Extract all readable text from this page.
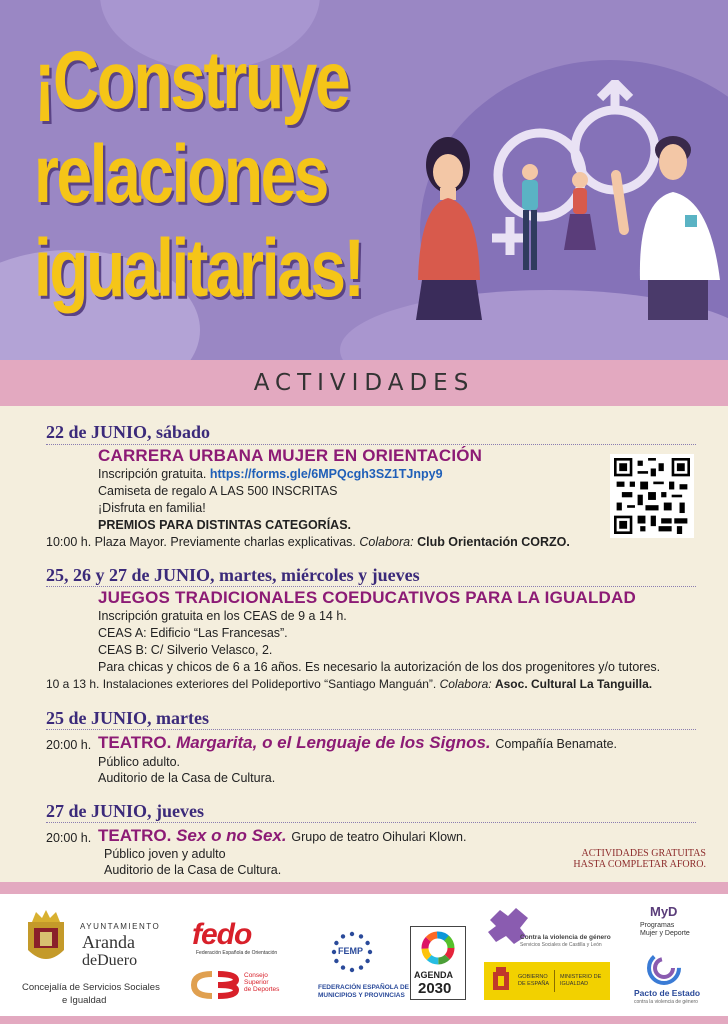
¡Construye
relaciones
igualitarias!
ACTIVIDADES
22 de JUNIO, sábado
CARRERA URBANA MUJER EN ORIENTACIÓN
Inscripción gratuita. https://forms.gle/6MPQcgh3SZ1TJnpy9
Camiseta de regalo A LAS 500 INSCRITAS
¡Disfruta en familia!
PREMIOS PARA DISTINTAS CATEGORÍAS.
10:00 h. Plaza Mayor. Previamente charlas explicativas. Colabora: Club Orientación CORZO.
25, 26 y 27 de JUNIO, martes, miércoles y jueves
JUEGOS TRADICIONALES COEDUCATIVOS PARA LA IGUALDAD
Inscripción gratuita en los CEAS de 9 a 14 h.
CEAS A: Edificio “Las Francesas”.
CEAS B: C/ Silverio Velasco, 2.
Para chicas y chicos de 6 a 16 años. Es necesario la autorización de los dos progenitores y/o tutores.
10 a 13 h. Instalaciones exteriores del Polideportivo “Santiago Manguán”. Colabora: Asoc. Cultural La Tanguilla.
25 de JUNIO, martes
20:00 h. TEATRO. Margarita, o el Lenguaje de los Signos. Compañía Benamate.
Público adulto.
Auditorio de la Casa de Cultura.
27 de JUNIO, jueves
20:00 h. TEATRO. Sex o no Sex. Grupo de teatro Oihulari Klown.
Público joven y adulto
Auditorio de la Casa de Cultura.
ACTIVIDADES GRATUITAS
HASTA COMPLETAR AFORO.
AYUNTAMIENTO
Aranda
deDuero
Concejalía de Servicios Sociales
e Igualdad
fedo
Federación Española de Orientación
Consejo
Superior
de Deportes
FEMP
FEDERACIÓN ESPAÑOLA DE
MUNICIPIOS Y PROVINCIAS
AGENDA
2030
Contra la violencia de género
Servicios Sociales de Castilla y León
GOBIERNO DE ESPAÑA
MINISTERIO DE IGUALDAD
MyD
Programas
Mujer y Deporte
Pacto de Estado
contra la violencia de género
